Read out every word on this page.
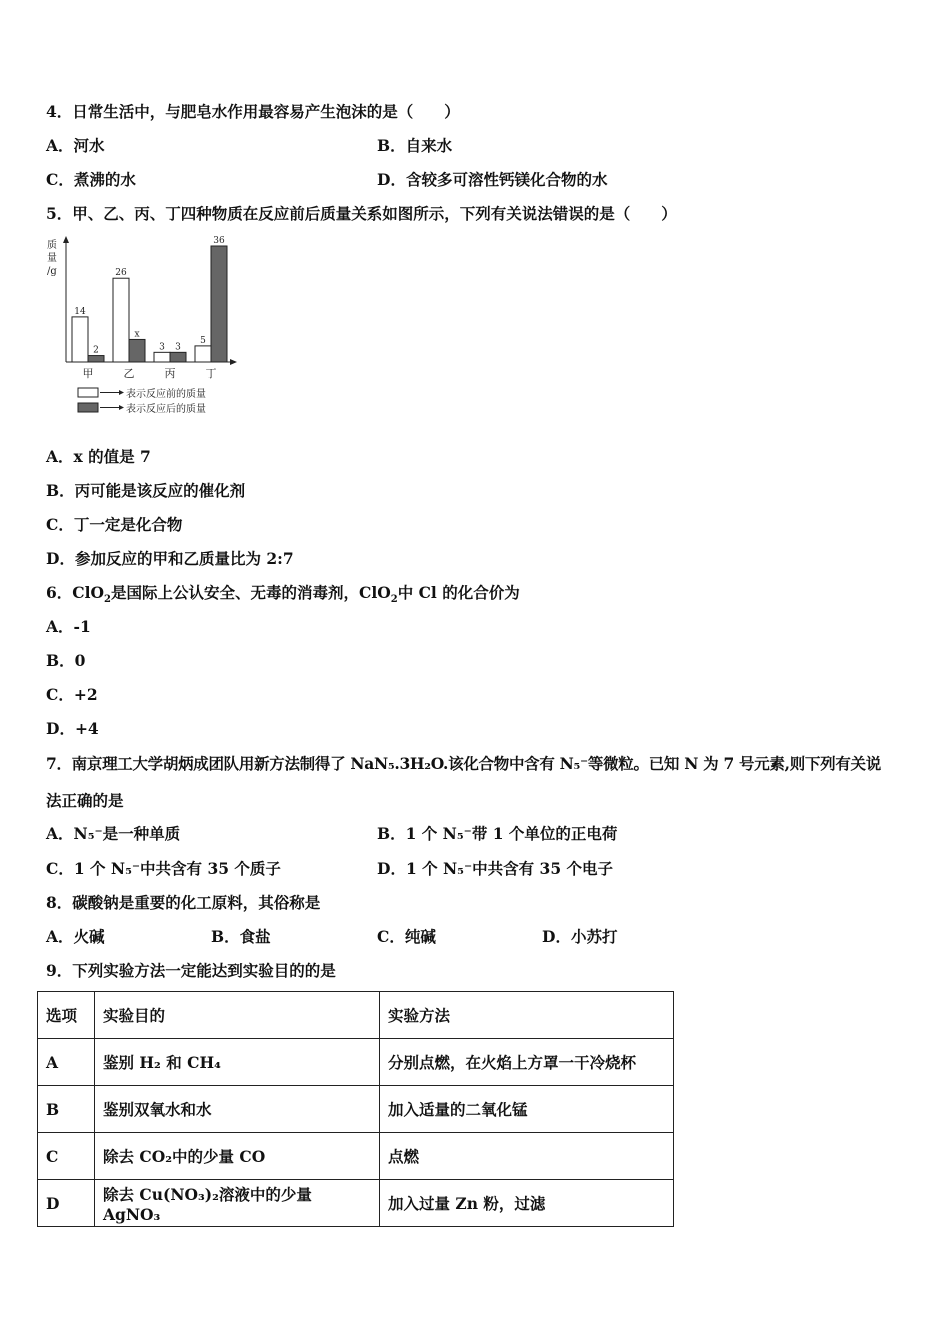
4．日常生活中，与肥皂水作用最容易产生泡沫的是（　　）
A．河水	B．自来水
C．煮沸的水	D．含较多可溶性钙镁化合物的水
5．甲、乙、丙、丁四种物质在反应前后质量关系如图所示，下列有关说法错误的是（　　）
质量/g
14
2
甲
26
x
乙
3 3
丙
5
36
丁
表示反应前的质量
表示反应后的质量
A．x 的值是 7
B．丙可能是该反应的催化剂
C．丁一定是化合物
D．参加反应的甲和乙质量比为 2:7
6．ClO$_2$是国际上公认安全、无毒的消毒剂，ClO$_2$中 Cl 的化合价为
A．-1
B．0
C．+2
D．+4
7．南京理工大学胡炳成团队用新方法制得了 NaN₅.3H₂O.该化合物中含有 N₅⁻等微粒。已知 N 为 7 号元素,则下列有关说
法正确的是
A．N₅⁻是一种单质	B．1 个 N₅⁻带 1 个单位的正电荷
C．1 个 N₅⁻中共含有 35 个质子	D．1 个 N₅⁻中共含有 35 个电子
8．碳酸钠是重要的化工原料，其俗称是
A．火碱	B．食盐	C．纯碱	D．小苏打
9．下列实验方法一定能达到实验目的的是
选项	实验目的	实验方法
A	鉴别 H₂ 和 CH₄	分别点燃，在火焰上方罩一干冷烧杯
B	鉴别双氧水和水	加入适量的二氧化锰
C	除去 CO₂中的少量 CO	点燃
D	除去 Cu(NO₃)₂溶液中的少量 AgNO₃	加入过量 Zn 粉，过滤
